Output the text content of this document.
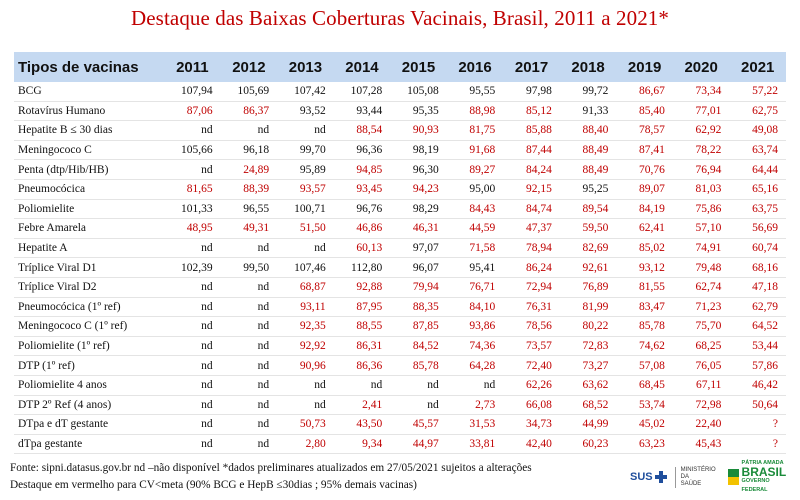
Destaque das Baixas Coberturas Vacinais, Brasil, 2011 a 2021*
Tipos de vacinas	2011	2012	2013	2014	2015	2016	2017	2018	2019	2020	2021
BCG	107,94	105,69	107,42	107,28	105,08	95,55	97,98	99,72	86,67	73,34	57,22
Rotavírus Humano	87,06	86,37	93,52	93,44	95,35	88,98	85,12	91,33	85,40	77,01	62,75
Hepatite B ≤ 30 dias	nd	nd	nd	88,54	90,93	81,75	85,88	88,40	78,57	62,92	49,08
Meningococo C	105,66	96,18	99,70	96,36	98,19	91,68	87,44	88,49	87,41	78,22	63,74
Penta (dtp/Hib/HB)	nd	24,89	95,89	94,85	96,30	89,27	84,24	88,49	70,76	76,94	64,44
Pneumocócica	81,65	88,39	93,57	93,45	94,23	95,00	92,15	95,25	89,07	81,03	65,16
Poliomielite	101,33	96,55	100,71	96,76	98,29	84,43	84,74	89,54	84,19	75,86	63,75
Febre Amarela	48,95	49,31	51,50	46,86	46,31	44,59	47,37	59,50	62,41	57,10	56,69
Hepatite A	nd	nd	nd	60,13	97,07	71,58	78,94	82,69	85,02	74,91	60,74
Tríplice Viral D1	102,39	99,50	107,46	112,80	96,07	95,41	86,24	92,61	93,12	79,48	68,16
Tríplice Viral D2	nd	nd	68,87	92,88	79,94	76,71	72,94	76,89	81,55	62,74	47,18
Pneumocócica (1º ref)	nd	nd	93,11	87,95	88,35	84,10	76,31	81,99	83,47	71,23	62,79
Meningococo C (1º ref)	nd	nd	92,35	88,55	87,85	93,86	78,56	80,22	85,78	75,70	64,52
Poliomielite (1º ref)	nd	nd	92,92	86,31	84,52	74,36	73,57	72,83	74,62	68,25	53,44
DTP (1º ref)	nd	nd	90,96	86,36	85,78	64,28	72,40	73,27	57,08	76,05	57,86
Poliomielite 4 anos	nd	nd	nd	nd	nd	nd	62,26	63,62	68,45	67,11	46,42
DTP 2º Ref (4 anos)	nd	nd	nd	2,41	nd	2,73	66,08	68,52	53,74	72,98	50,64
DTpa e dT gestante	nd	nd	50,73	43,50	45,57	31,53	34,73	44,99	45,02	22,40	?
dTpa gestante	nd	nd	2,80	9,34	44,97	33,81	42,40	60,23	63,23	45,43	?
Fonte: sipni.datasus.gov.br nd –não disponível *dados preliminares atualizados em 27/05/2021 sujeitos a alterações
Destaque em vermelho para CV<meta (90% BCG e HepB ≤30dias ; 95% demais vacinas)
SUS
MINISTÉRIO DA
SAÚDE
PÁTRIA AMADA
BRASIL
GOVERNO FEDERAL
